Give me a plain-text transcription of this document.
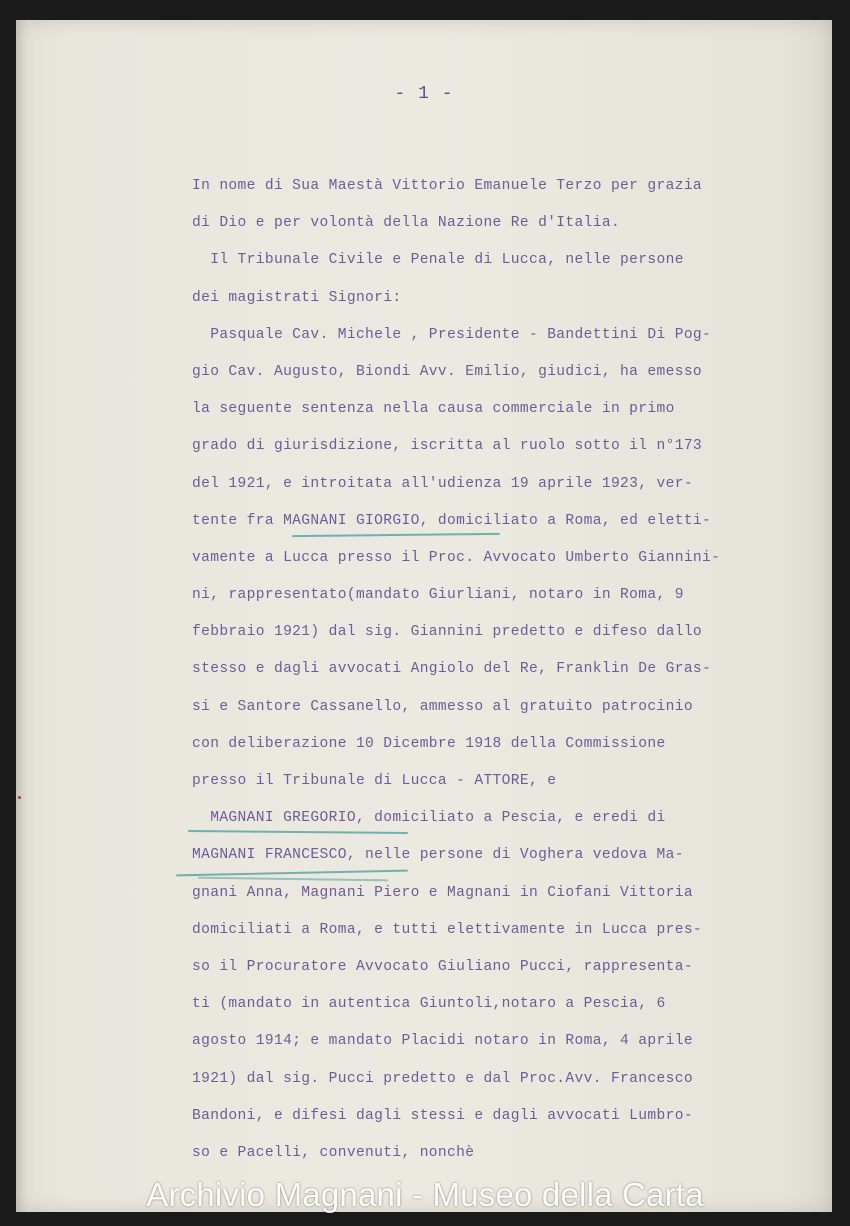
- 1 -
In nome di Sua Maestà Vittorio Emanuele Terzo per grazia
di Dio e per volontà della Nazione Re d'Italia.
Il Tribunale Civile e Penale di Lucca, nelle persone
dei magistrati Signori:
Pasquale Cav. Michele , Presidente - Bandettini Di Pog-
gio Cav. Augusto, Biondi Avv. Emilio, giudici, ha emesso
la seguente sentenza nella causa commerciale in primo
grado di giurisdizione, iscritta al ruolo sotto il n°173
del 1921, e introitata all'udienza 19 aprile 1923, ver-
tente fra MAGNANI GIORGIO, domiciliato a Roma, ed eletti-
vamente a Lucca presso il Proc. Avvocato Umberto Giannini-
ni, rappresentato(mandato Giurliani, notaro in Roma, 9
febbraio 1921) dal sig. Giannini predetto e difeso dallo
stesso e dagli avvocati Angiolo del Re, Franklin De Gras-
si e Santore Cassanello, ammesso al gratuito patrocinio
con deliberazione 10 Dicembre 1918 della Commissione
presso il Tribunale di Lucca - ATTORE, e
MAGNANI GREGORIO, domiciliato a Pescia, e eredi di
MAGNANI FRANCESCO, nelle persone di Voghera vedova Ma-
gnani Anna, Magnani Piero e Magnani in Ciofani Vittoria
domiciliati a Roma, e tutti elettivamente in Lucca pres-
so il Procuratore Avvocato Giuliano Pucci, rappresenta-
ti (mandato in autentica Giuntoli,notaro a Pescia, 6
agosto 1914; e mandato Placidi notaro in Roma, 4 aprile
1921) dal sig. Pucci predetto e dal Proc.Avv. Francesco
Bandoni, e difesi dagli stessi e dagli avvocati Lumbro-
so e Pacelli, convenuti, nonchè
Archivio Magnani - Museo della Carta
